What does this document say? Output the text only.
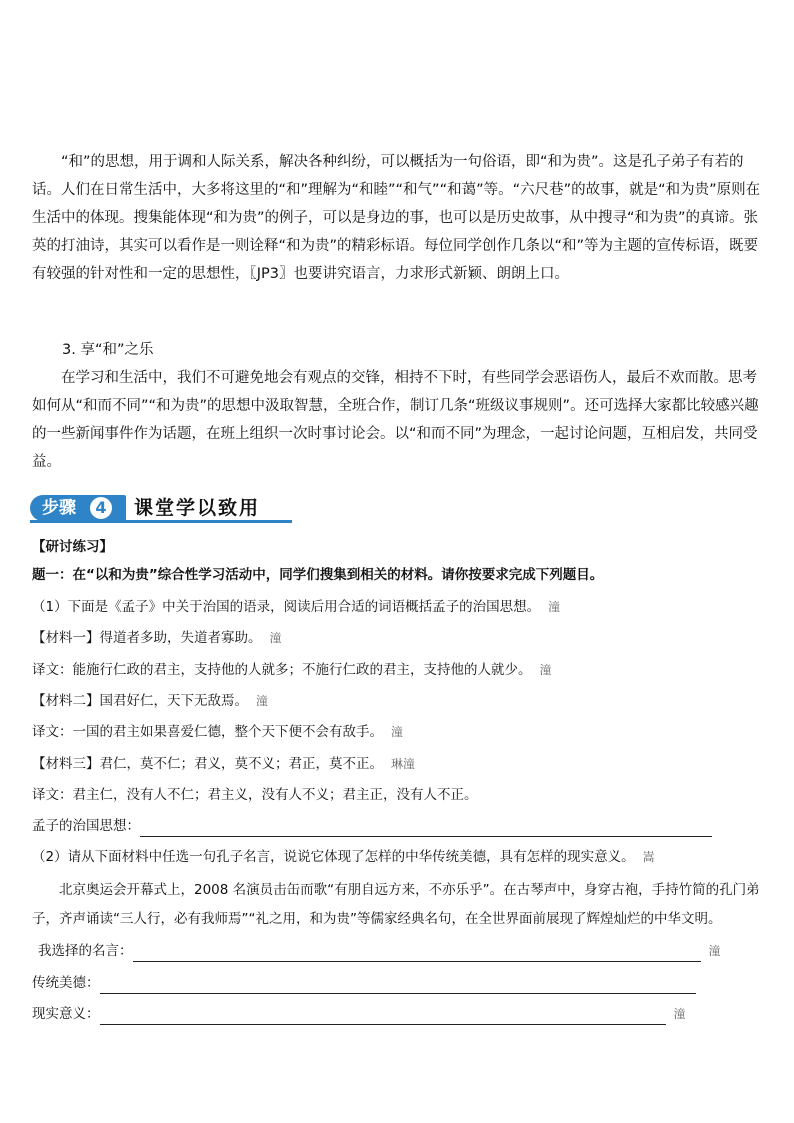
“和”的思想，用于调和人际关系，解决各种纠纷，可以概括为一句俗语，即“和为贵”。这是孔子弟子有若的话。人们在日常生活中，大多将这里的“和”理解为“和睦”“和气”“和蔼”等。“六尺巷”的故事，就是“和为贵”原则在生活中的体现。搜集能体现“和为贵”的例子，可以是身边的事，也可以是历史故事，从中搜寻“和为贵”的真谛。张英的打油诗，其实可以看作是一则诠释“和为贵”的精彩标语。每位同学创作几条以“和”等为主题的宣传标语，既要有较强的针对性和一定的思想性，〖JP3〗也要讲究语言，力求形式新颖、朗朗上口。

3. 享“和”之乐

在学习和生活中，我们不可避免地会有观点的交锋，相持不下时，有些同学会恶语伤人，最后不欢而散。思考如何从“和而不同”“和为贵”的思想中汲取智慧，全班合作，制订几条“班级议事规则”。还可选择大家都比较感兴趣的一些新闻事件作为话题，在班上组织一次时事讨论会。以“和而不同”为理念，一起讨论问题，互相启发，共同受益。

步骤	4 课堂学以致用

【研讨练习】

题一：在“以和为贵”综合性学习活动中，同学们搜集到相关的材料。请你按要求完成下列题目。

（1）下面是《孟子》中关于治国的语录，阅读后用合适的词语概括孟子的治国思想。 潼

【材料一】得道者多助，失道者寡助。 潼

译文：能施行仁政的君主，支持他的人就多；不施行仁政的君主，支持他的人就少。 潼

【材料二】国君好仁，天下无敌焉。 潼

译文：一国的君主如果喜爱仁德，整个天下便不会有敌手。 潼

【材料三】君仁，莫不仁；君义，莫不义；君正，莫不正。 琳潼

译文：君主仁，没有人不仁；君主义，没有人不义；君主正，没有人不正。

孟子的治国思想：

（2）请从下面材料中任选一句孔子名言，说说它体现了怎样的中华传统美德，具有怎样的现实意义。 嵩

北京奥运会开幕式上，2008 名演员击缶而歌“有朋自远方来，不亦乐乎”。在古琴声中，身穿古袍，手持竹简的孔门弟子，齐声诵读“三人行，必有我师焉”“礼之用，和为贵”等儒家经典名句，在全世界面前展现了辉煌灿烂的中华文明。

我选择的名言：	潼

传统美德：

现实意义：	潼
